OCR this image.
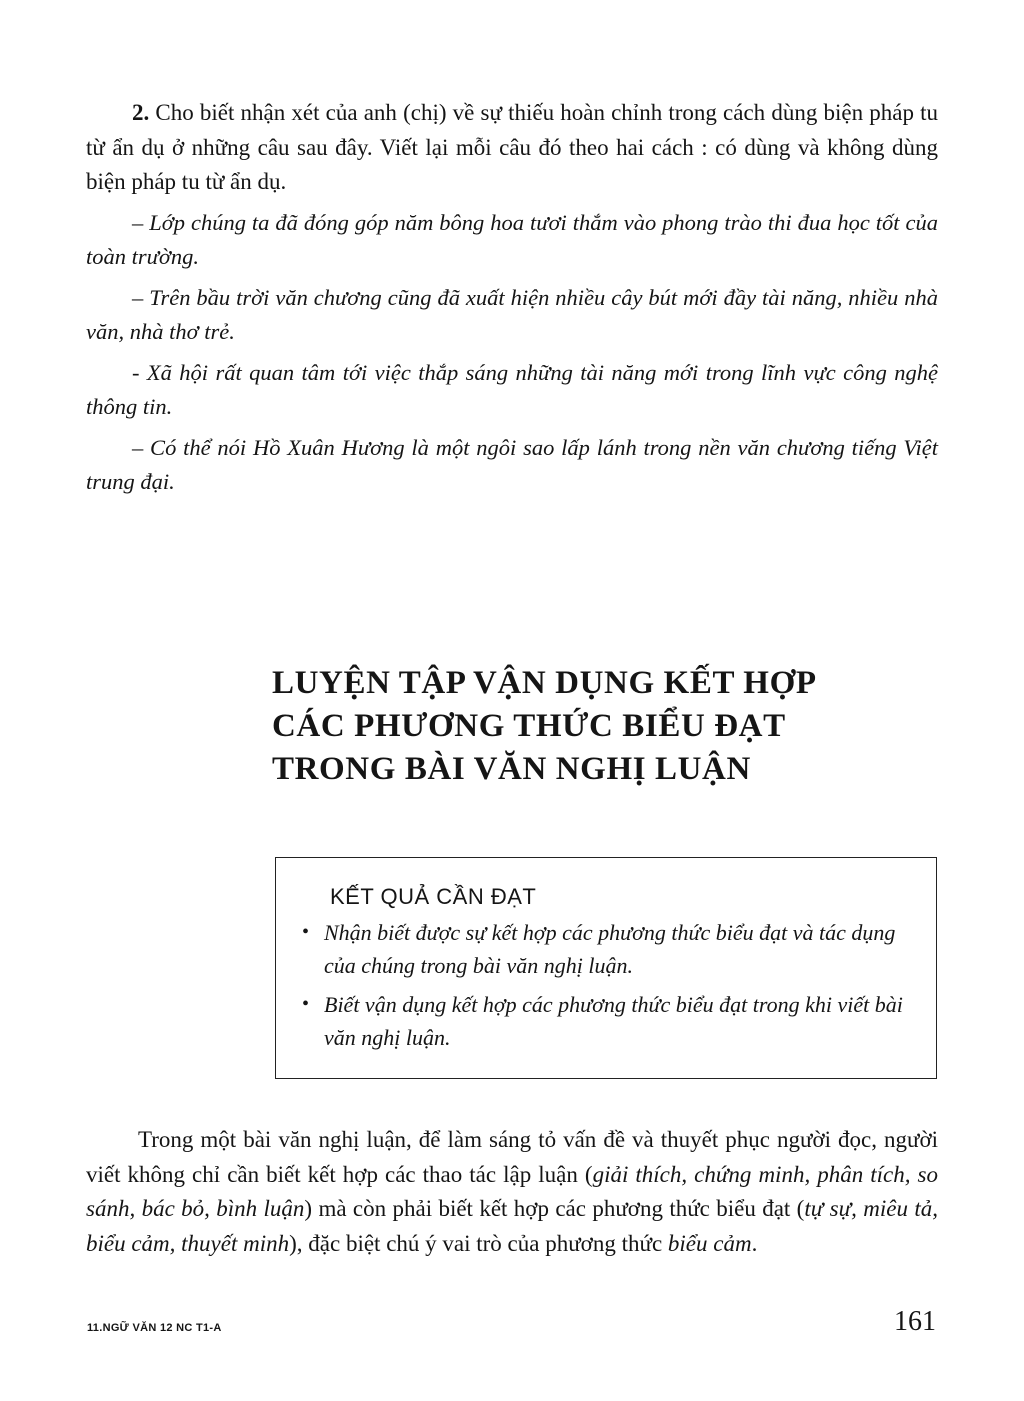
2. Cho biết nhận xét của anh (chị) về sự thiếu hoàn chỉnh trong cách dùng biện pháp tu từ ẩn dụ ở những câu sau đây. Viết lại mỗi câu đó theo hai cách : có dùng và không dùng biện pháp tu từ ẩn dụ.

– Lớp chúng ta đã đóng góp năm bông hoa tươi thắm vào phong trào thi đua học tốt của toàn trường.

– Trên bầu trời văn chương cũng đã xuất hiện nhiều cây bút mới đầy tài năng, nhiều nhà văn, nhà thơ trẻ.

- Xã hội rất quan tâm tới việc thắp sáng những tài năng mới trong lĩnh vực công nghệ thông tin.

– Có thể nói Hồ Xuân Hương là một ngôi sao lấp lánh trong nền văn chương tiếng Việt trung đại.

LUYỆN TẬP VẬN DỤNG KẾT HỢP
CÁC PHƯƠNG THỨC BIỂU ĐẠT
TRONG BÀI VĂN NGHỊ LUẬN
KẾT QUẢ CẦN ĐẠT
• Nhận biết được sự kết hợp các phương thức biểu đạt và tác dụng của chúng trong bài văn nghị luận.
• Biết vận dụng kết hợp các phương thức biểu đạt trong khi viết bài văn nghị luận.

Trong một bài văn nghị luận, để làm sáng tỏ vấn đề và thuyết phục người đọc, người viết không chỉ cần biết kết hợp các thao tác lập luận (giải thích, chứng minh, phân tích, so sánh, bác bỏ, bình luận) mà còn phải biết kết hợp các phương thức biểu đạt (tự sự, miêu tả, biểu cảm, thuyết minh), đặc biệt chú ý vai trò của phương thức biểu cảm.

11.NGỮ VĂN 12 NC T1-A	161
